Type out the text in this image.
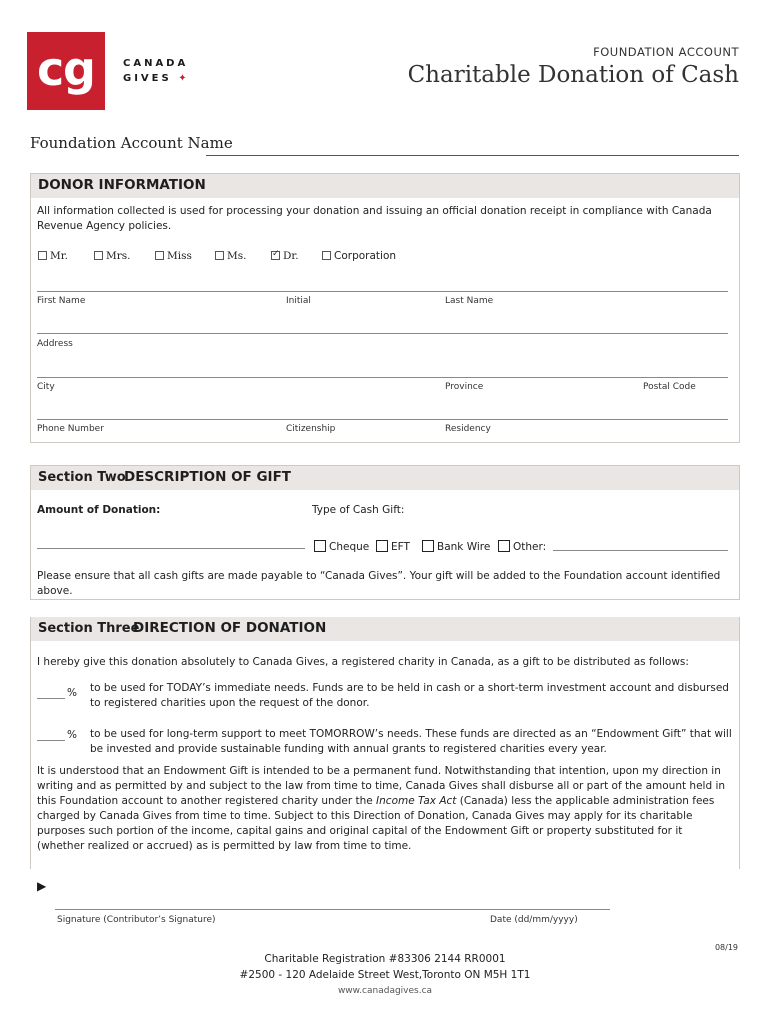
c g	CANADA
GIVES ✦
FOUNDATION ACCOUNT
Charitable Donation of Cash
Foundation Account Name
DONOR INFORMATION
All information collected is used for processing your donation and issuing an official donation receipt in compliance with Canada Revenue Agency policies.
Mr.	Mrs.	Miss	Ms.
✓	Dr.	Corporation
First Name	Initial	Last Name
Address
City	Province	Postal Code
Phone Number	Citizenship	Residency
Section Two
DESCRIPTION OF GIFT
Amount of Donation:	Type of Cash Gift:
Cheque	EFT	Bank Wire	Other:
Please ensure that all cash gifts are made payable to “Canada Gives”. Your gift will be added to the Foundation account identified above.
Section Three
DIRECTION OF DONATION
I hereby give this donation absolutely to Canada Gives, a registered charity in Canada, as a gift to be distributed as follows:
% to be used for TODAY’s immediate needs. Funds are to be held in cash or a short-term investment account and disbursed to registered charities upon the request of the donor.
% to be used for long-term support to meet TOMORROW’s needs. These funds are directed as an “Endowment Gift” that will be invested and provide sustainable funding with annual grants to registered charities every year.
It is understood that an Endowment Gift is intended to be a permanent fund. Notwithstanding that intention, upon my direction in writing and as permitted by and subject to the law from time to time, Canada Gives shall disburse all or part of the amount held in this Foundation account to another registered charity under the Income Tax Act (Canada) less the applicable administration fees charged by Canada Gives from time to time. Subject to this Direction of Donation, Canada Gives may apply for its charitable purposes such portion of the income, capital gains and original capital of the Endowment Gift or property substituted for it (whether realized or accrued) as is permitted by law from time to time.
▶
Signature (Contributor’s Signature)	Date (dd/mm/yyyy)
08/19
Charitable Registration #83306 2144 RR0001
#2500 - 120 Adelaide Street West,Toronto ON M5H 1T1
www.canadagives.ca
